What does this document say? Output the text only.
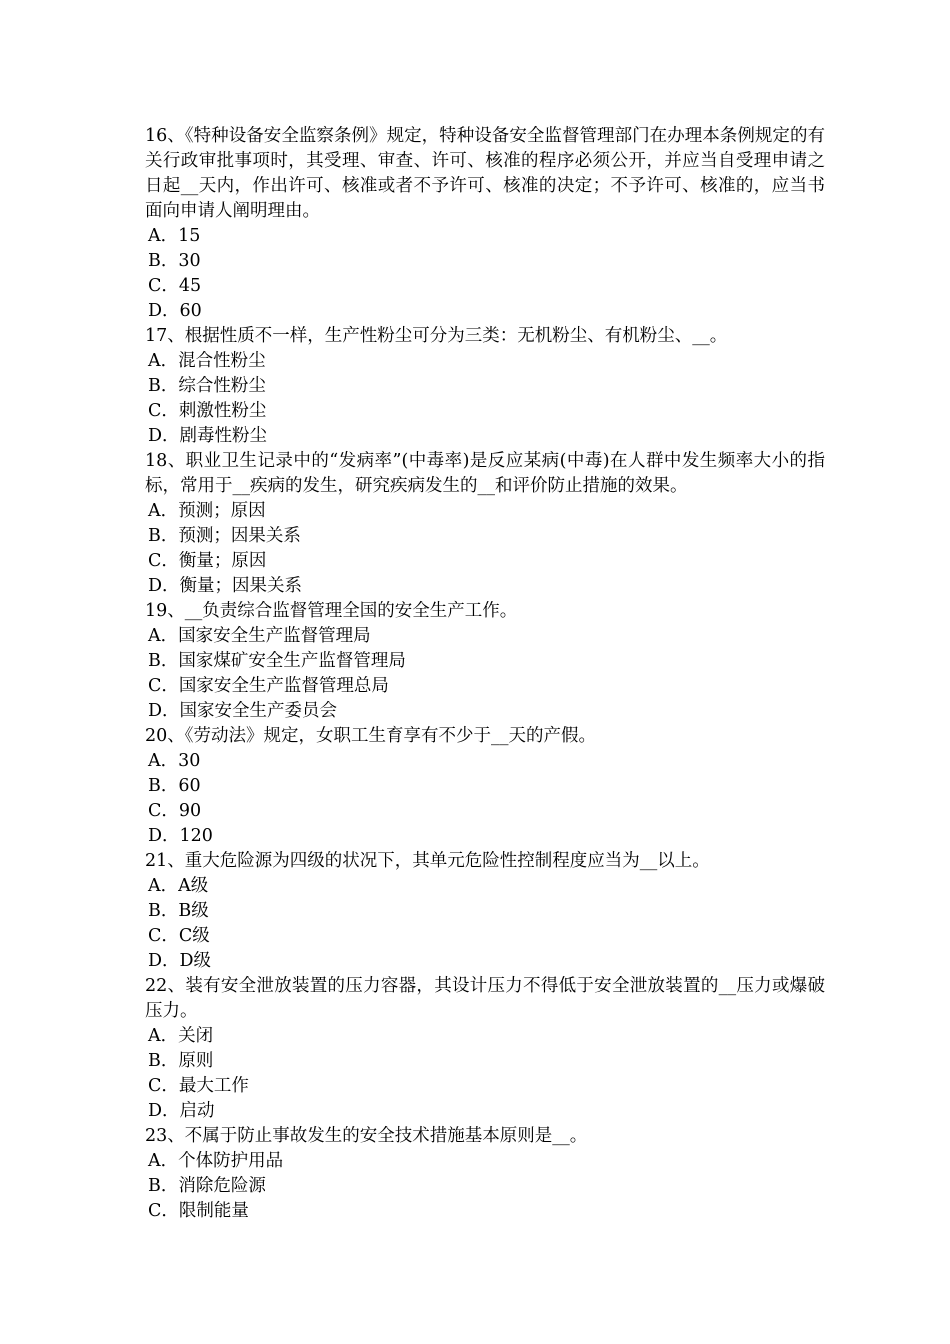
16、《特种设备安全监察条例》规定，特种设备安全监督管理部门在办理本条例规定的有关行政审批事项时，其受理、审查、许可、核准的程序必须公开，并应当自受理申请之日起__天内，作出许可、核准或者不予许可、核准的决定；不予许可、核准的，应当书面向申请人阐明理由。

A．15

B．30

C．45

D．60

17、根据性质不一样，生产性粉尘可分为三类：无机粉尘、有机粉尘、__。

A．混合性粉尘

B．综合性粉尘

C．刺激性粉尘

D．剧毒性粉尘

18、职业卫生记录中的“发病率”(中毒率)是反应某病(中毒)在人群中发生频率大小的指标，常用于__疾病的发生，研究疾病发生的__和评价防止措施的效果。

A．预测；原因

B．预测；因果关系

C．衡量；原因

D．衡量；因果关系

19、__负责综合监督管理全国的安全生产工作。

A．国家安全生产监督管理局

B．国家煤矿安全生产监督管理局

C．国家安全生产监督管理总局

D．国家安全生产委员会

20、《劳动法》规定，女职工生育享有不少于__天的产假。

A．30

B．60

C．90

D．120

21、重大危险源为四级的状况下，其单元危险性控制程度应当为__以上。

A．A级

B．B级

C．C级

D．D级

22、装有安全泄放装置的压力容器，其设计压力不得低于安全泄放装置的__压力或爆破压力。

A．关闭

B．原则

C．最大工作

D．启动

23、不属于防止事故发生的安全技术措施基本原则是__。

A．个体防护用品

B．消除危险源

C．限制能量
